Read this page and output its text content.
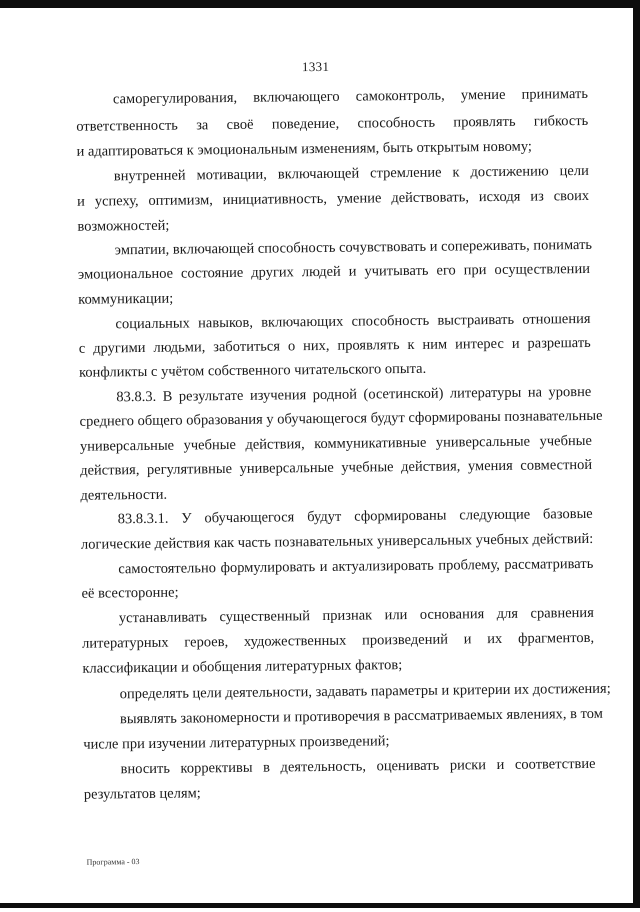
1331
саморегулирования, включающего самоконтроль, умение принимать
ответственность за своё поведение, способность проявлять гибкость
и адаптироваться к эмоциональным изменениям, быть открытым новому;
внутренней мотивации, включающей стремление к достижению цели
и успеху, оптимизм, инициативность, умение действовать, исходя из своих
возможностей;
эмпатии, включающей способность сочувствовать и сопереживать, понимать
эмоциональное состояние других людей и учитывать его при осуществлении
коммуникации;
социальных навыков, включающих способность выстраивать отношения
с другими людьми, заботиться о них, проявлять к ним интерес и разрешать
конфликты с учётом собственного читательского опыта.
83.8.3. В результате изучения родной (осетинской) литературы на уровне
среднего общего образования у обучающегося будут сформированы познавательные
универсальные учебные действия, коммуникативные универсальные учебные
действия, регулятивные универсальные учебные действия, умения совместной
деятельности.
83.8.3.1. У обучающегося будут сформированы следующие базовые
логические действия как часть познавательных универсальных учебных действий:
самостоятельно формулировать и актуализировать проблему, рассматривать
её всесторонне;
устанавливать существенный признак или основания для сравнения
литературных героев, художественных произведений и их фрагментов,
классификации и обобщения литературных фактов;
определять цели деятельности, задавать параметры и критерии их достижения;
выявлять закономерности и противоречия в рассматриваемых явлениях, в том
числе при изучении литературных произведений;
вносить коррективы в деятельность, оценивать риски и соответствие
результатов целям;
Программа - 03
